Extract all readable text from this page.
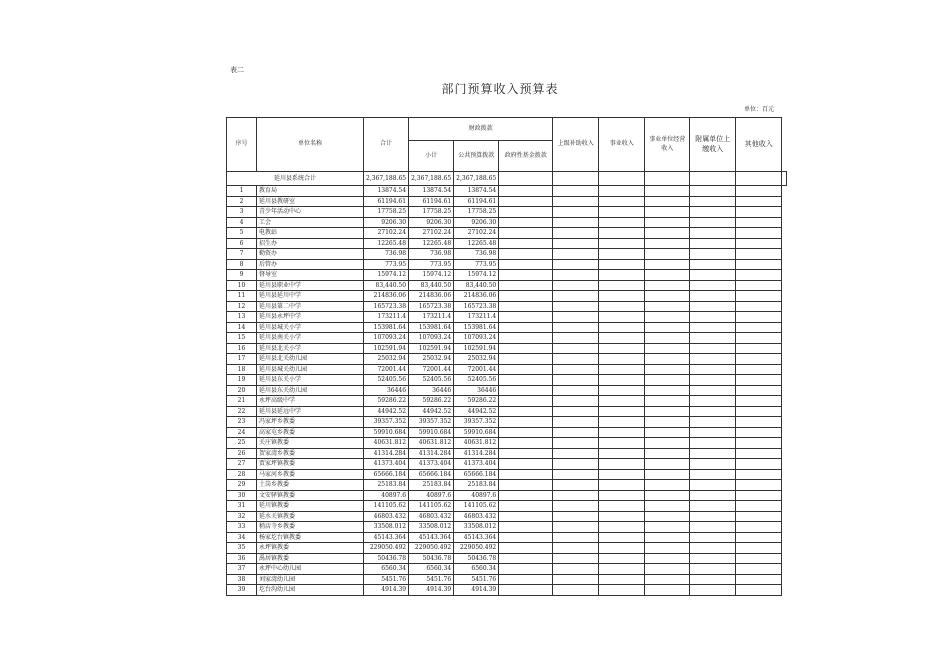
表二
部门预算收入预算表
单位：百元
序号	单位名称	合计	财政拨款			上级补助收入	事业收入	事业单位经营收入	附属单位上缴收入	其他收入	
			小计	公共预算拨款	政府性基金拨款						
延川县系统合计		2,367,188.65	2,367,188.65	2,367,188.65							
1	教育局	13874.54	13874.54	13874.54							
2	延川县教研室	61194.61	61194.61	61194.61							
3	青少年活动中心	17758.25	17758.25	17758.25							
4	工会	9206.30	9206.30	9206.30							
5	电教站	27102.24	27102.24	27102.24							
6	招生办	12265.48	12265.48	12265.48							
7	勤资办	736.98	736.98	736.98							
8	后管办	773.95	773.95	773.95							
9	督导室	15974.12	15974.12	15974.12							
10	延川县职业中学	83,440.50	83,440.50	83,440.50							
11	延川县延川中学	214836.06	214836.06	214836.06							
12	延川县第二中学	165723.38	165723.38	165723.38							
13	延川县永坪中学	173211.4	173211.4	173211.4							
14	延川县城关小学	153981.64	153981.64	153981.64							
15	延川县南关小学	107093.24	107093.24	107093.24							
16	延川县北关小学	102591.94	102591.94	102591.94							
17	延川县北关幼儿园	25032.94	25032.94	25032.94							
18	延川县城关幼儿园	72001.44	72001.44	72001.44							
19	延川县东关小学	52405.56	52405.56	52405.56							
20	延川县东关幼儿园	36446	36446	36446							
21	永坪高级中学	59286.22	59286.22	59286.22							
22	延川县延远中学	44942.52	44942.52	44942.52							
23	冯家坪乡教委	39357.352	39357.352	39357.352							
24	高家屯乡教委	59910.684	59910.684	59910.684							
25	关庄镇教委	40631.812	40631.812	40631.812							
26	贺家湾乡教委	41314.284	41314.284	41314.284							
27	贾家坪镇教委	41373.404	41373.404	41373.404							
28	马家河乡教委	65666.184	65666.184	65666.184							
29	土岗乡教委	25183.84	25183.84	25183.84							
30	文安驿镇教委	40897.6	40897.6	40897.6							
31	延川镇教委	141105.62	141105.62	141105.62							
32	延水关镇教委	46803.432	46803.432	46803.432							
33	稍店寺乡教委	33508.012	33508.012	33508.012							
34	杨家圪台镇教委	45143.364	45143.364	45143.364							
35	永坪镇教委	229050.492	229050.492	229050.492							
36	禹居镇教委	50436.78	50436.78	50436.78							
37	永坪中心幼儿园	6560.34	6560.34	6560.34							
38	刘家湾幼儿园	5451.76	5451.76	5451.76							
39	圪台沟幼儿园	4914.39	4914.39	4914.39							
